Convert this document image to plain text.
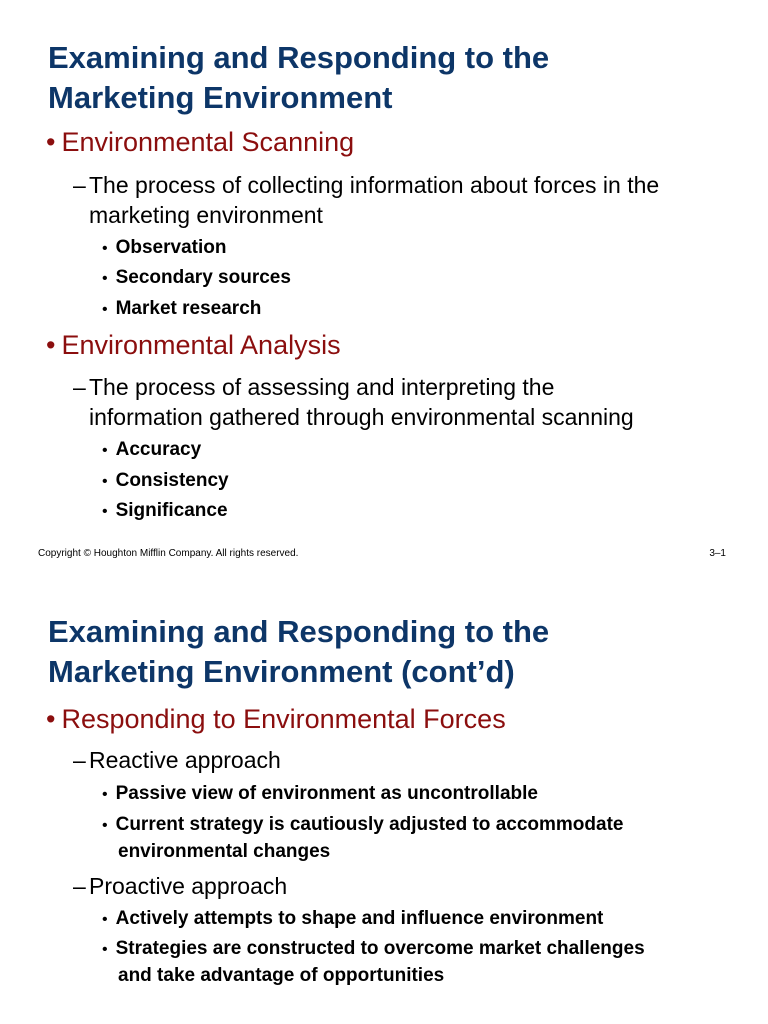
Examining and Responding to the
Marketing Environment
• Environmental Scanning
– The process of collecting information about forces in the
marketing environment
• Observation
• Secondary sources
• Market research
• Environmental Analysis
– The process of assessing and interpreting the
information gathered through environmental scanning
• Accuracy
• Consistency
• Significance
Copyright © Houghton Mifflin Company. All rights reserved.	3–1
Examining and Responding to the
Marketing Environment (cont’d)
• Responding to Environmental Forces
– Reactive approach
• Passive view of environment as uncontrollable
• Current strategy is cautiously adjusted to accommodate
environmental changes
– Proactive approach
• Actively attempts to shape and influence environment
• Strategies are constructed to overcome market challenges
and take advantage of opportunities
